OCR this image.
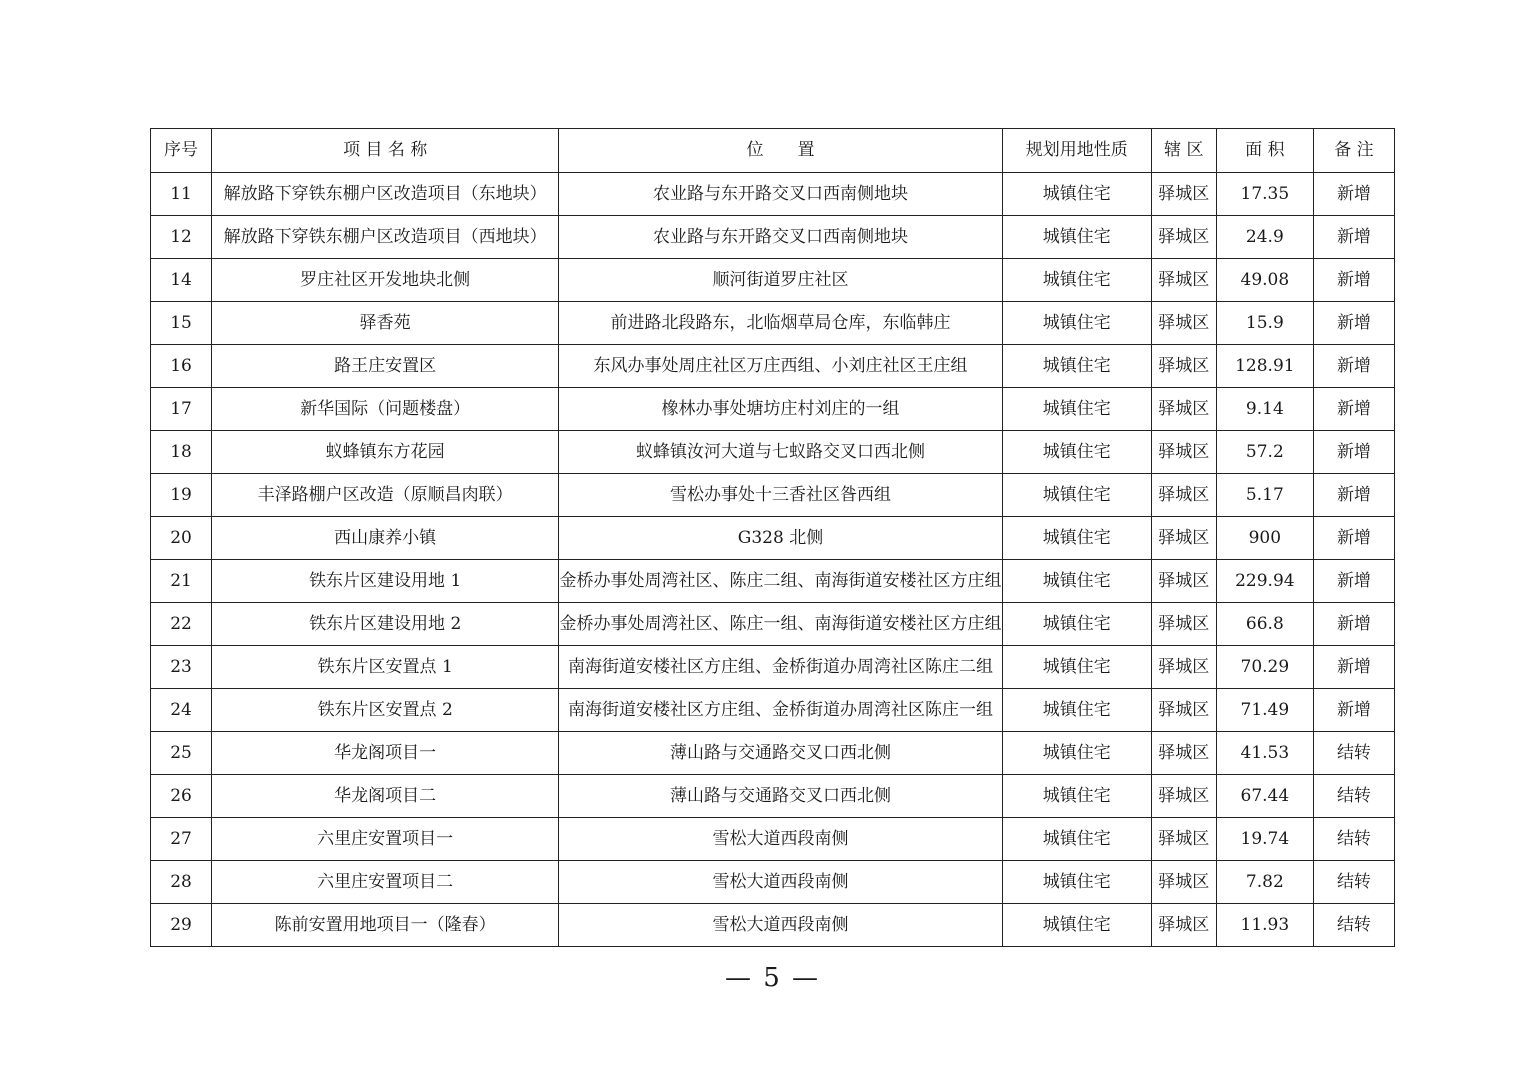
序号	项 目 名 称	位　　置	规划用地性质	辖 区	面 积	备 注
11	解放路下穿铁东棚户区改造项目（东地块）	农业路与东开路交叉口西南侧地块	城镇住宅	驿城区	17.35	新增
12	解放路下穿铁东棚户区改造项目（西地块）	农业路与东开路交叉口西南侧地块	城镇住宅	驿城区	24.9	新增
14	罗庄社区开发地块北侧	顺河街道罗庄社区	城镇住宅	驿城区	49.08	新增
15	驿香苑	前进路北段路东，北临烟草局仓库，东临韩庄	城镇住宅	驿城区	15.9	新增
16	路王庄安置区	东风办事处周庄社区万庄西组、小刘庄社区王庄组	城镇住宅	驿城区	128.91	新增
17	新华国际（问题楼盘）	橡林办事处塘坊庄村刘庄的一组	城镇住宅	驿城区	9.14	新增
18	蚁蜂镇东方花园	蚁蜂镇汝河大道与七蚁路交叉口西北侧	城镇住宅	驿城区	57.2	新增
19	丰泽路棚户区改造（原顺昌肉联）	雪松办事处十三香社区昝西组	城镇住宅	驿城区	5.17	新增
20	西山康养小镇	G328 北侧	城镇住宅	驿城区	900	新增
21	铁东片区建设用地 1	金桥办事处周湾社区、陈庄二组、南海街道安楼社区方庄组	城镇住宅	驿城区	229.94	新增
22	铁东片区建设用地 2	金桥办事处周湾社区、陈庄一组、南海街道安楼社区方庄组	城镇住宅	驿城区	66.8	新增
23	铁东片区安置点 1	南海街道安楼社区方庄组、金桥街道办周湾社区陈庄二组	城镇住宅	驿城区	70.29	新增
24	铁东片区安置点 2	南海街道安楼社区方庄组、金桥街道办周湾社区陈庄一组	城镇住宅	驿城区	71.49	新增
25	华龙阁项目一	薄山路与交通路交叉口西北侧	城镇住宅	驿城区	41.53	结转
26	华龙阁项目二	薄山路与交通路交叉口西北侧	城镇住宅	驿城区	67.44	结转
27	六里庄安置项目一	雪松大道西段南侧	城镇住宅	驿城区	19.74	结转
28	六里庄安置项目二	雪松大道西段南侧	城镇住宅	驿城区	7.82	结转
29	陈前安置用地项目一（隆春）	雪松大道西段南侧	城镇住宅	驿城区	11.93	结转
— 5 —
